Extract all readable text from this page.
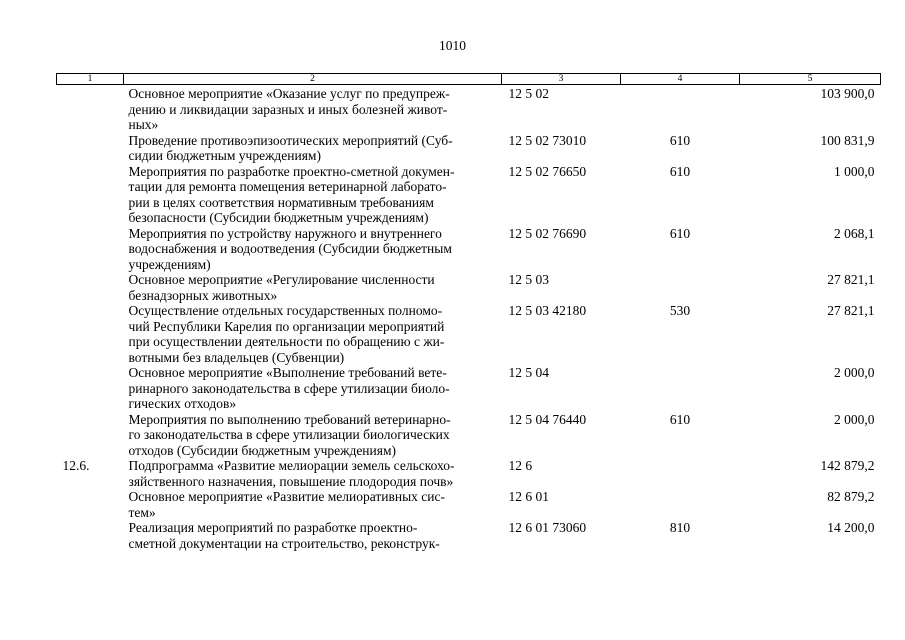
1010
1	2	3	4	5
	Основное мероприятие «Оказание услуг по предупреж-
дению и ликвидации заразных и иных болезней живот-
ных»	12 5 02		103 900,0
	Проведение противоэпизоотических мероприятий (Суб-
сидии бюджетным учреждениям)	12 5 02 73010	610	100 831,9
	Мероприятия по разработке проектно-сметной докумен-
тации для ремонта помещения ветеринарной лаборато-
рии в целях соответствия нормативным требованиям
безопасности (Субсидии бюджетным учреждениям)	12 5 02 76650	610	1 000,0
	Мероприятия по устройству наружного и внутреннего
водоснабжения и водоотведения (Субсидии бюджетным
учреждениям)	12 5 02 76690	610	2 068,1
	Основное мероприятие «Регулирование численности
безнадзорных животных»	12 5 03		27 821,1
	Осуществление отдельных государственных полномо-
чий Республики Карелия по организации мероприятий
при осуществлении деятельности по обращению с жи-
вотными без владельцев (Субвенции)	12 5 03 42180	530	27 821,1
	Основное мероприятие «Выполнение требований вете-
ринарного законодательства в сфере утилизации биоло-
гических отходов»	12 5 04		2 000,0
	Мероприятия по выполнению требований ветеринарно-
го законодательства в сфере утилизации биологических
отходов (Субсидии бюджетным учреждениям)	12 5 04 76440	610	2 000,0
12.6.	Подпрограмма «Развитие мелиорации земель сельскохо-
зяйственного назначения, повышение плодородия почв»	12 6		142 879,2
	Основное мероприятие «Развитие мелиоративных сис-
тем»	12 6 01		82 879,2
	Реализация мероприятий по разработке проектно-
сметной документации на строительство, реконструк-	12 6 01 73060	810	14 200,0
